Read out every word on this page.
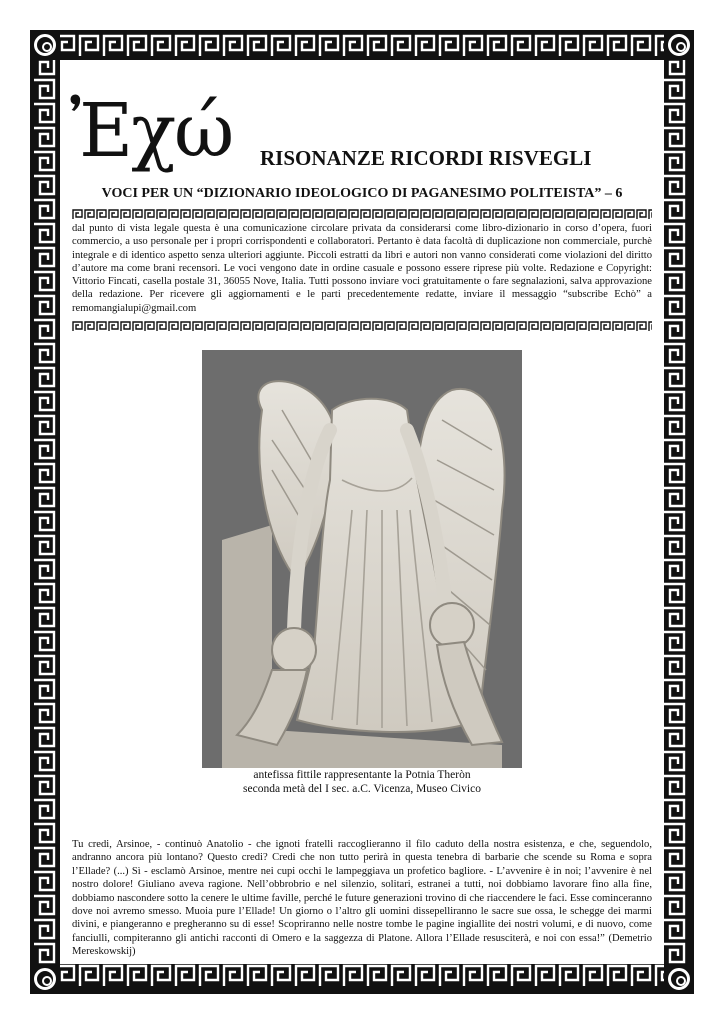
Ἐχώ RISONANZE RICORDI RISVEGLI
VOCI PER UN “DIZIONARIO IDEOLOGICO DI PAGANESIMO POLITEISTA” – 6
dal punto di vista legale questa è una comunicazione circolare privata da considerarsi come libro-dizionario in corso d’opera, fuori commercio, a uso personale per i propri corrispondenti e collaboratori. Pertanto è data facoltà di duplicazione non commerciale, purchè integrale e di identico aspetto senza ulteriori aggiunte. Piccoli estratti da libri e autori non vanno considerati come violazioni del diritto d’autore ma come brani recensori. Le voci vengono date in ordine casuale e possono essere riprese più volte. Redazione e Copyright: Vittorio Fincati, casella postale 31, 36055 Nove, Italia. Tutti possono inviare voci gratuitamente o fare segnalazioni, salva approvazione della redazione. Per ricevere gli aggiornamenti e le parti precedentemente redatte, inviare il messaggio “subscribe Echò” a remomangialupi@gmail.com
antefissa fittile rappresentante la Potnia Theròn
seconda metà del I sec. a.C. Vicenza, Museo Civico
Tu credi, Arsinoe, - continuò Anatolio - che ignoti fratelli raccoglieranno il filo caduto della nostra esistenza, e che, seguendolo, andranno ancora più lontano? Questo credi? Credi che non tutto perirà in questa tenebra di barbarie che scende su Roma e sopra l’Ellade? (...) Sì - esclamò Arsinoe, mentre nei cupi occhi le lampeggiava un profetico bagliore. - L’avvenire è in noi; l’avvenire è nel nostro dolore! Giuliano aveva ragione. Nell’obbrobrio e nel silenzio, solitari, estranei a tutti, noi dobbiamo lavorare fino alla fine, dobbiamo nascondere sotto la cenere le ultime faville, perché le future generazioni trovino di che riaccendere le faci. Esse cominceranno dove noi avremo smesso. Muoia pure l’Ellade! Un giorno o l’altro gli uomini dissepelliranno le sacre sue ossa, le schegge dei marmi divini, e piangeranno e pregheranno su di esse! Scopriranno nelle nostre tombe le pagine ingiallite dei nostri volumi, e di nuovo, come fanciulli, compiteranno gli antichi racconti di Omero e la saggezza di Platone. Allora l’Ellade resusciterà, e noi con essa!” (Demetrio Mereskowskij)
